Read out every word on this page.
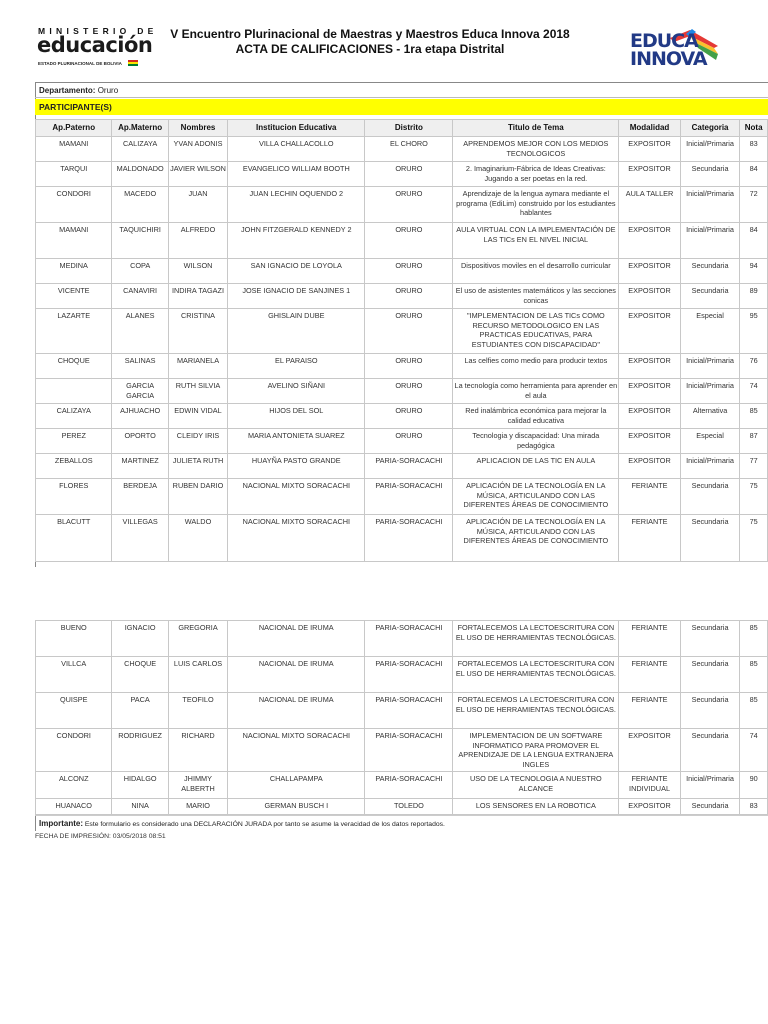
MINISTERIO DE
educación
ESTADO PLURINACIONAL DE BOLIVIA
V Encuentro Plurinacional de Maestras y Maestros Educa Innova 2018
ACTA DE CALIFICACIONES - 1ra etapa Distrital	EDUCA
INNOVA
Departamento: Oruro
PARTICIPANTE(S)
Ap.Paterno	Ap.Materno	Nombres	Institucion Educativa	Distrito	Titulo de Tema	Modalidad	Categoria	Nota
MAMANI	CALIZAYA	YVAN ADONIS	VILLA CHALLACOLLO	EL CHORO	APRENDEMOS MEJOR CON LOS MEDIOS TECNOLOGICOS	EXPOSITOR	Inicial/Primaria	83
TARQUI	MALDONADO	JAVIER WILSON	EVANGELICO WILLIAM BOOTH	ORURO	2. Imaginarium-Fábrica de Ideas Creativas: Jugando a ser poetas en la red.	EXPOSITOR	Secundaria	84
CONDORI	MACEDO	JUAN	JUAN LECHIN OQUENDO 2	ORURO	Aprendizaje de la lengua aymara mediante el programa (EdiLim) construido por los estudiantes hablantes	AULA TALLER	Inicial/Primaria	72
MAMANI	TAQUICHIRI	ALFREDO	JOHN FITZGERALD KENNEDY 2	ORURO	AULA VIRTUAL CON LA IMPLEMENTACIÓN DE LAS TICs EN EL NIVEL INICIAL	EXPOSITOR	Inicial/Primaria	84
MEDINA	COPA	WILSON	SAN IGNACIO DE LOYOLA	ORURO	Dispositivos moviles en el desarrollo curricular	EXPOSITOR	Secundaria	94
VICENTE	CANAVIRI	INDIRA TAGAZI	JOSE IGNACIO DE SANJINES 1	ORURO	El uso de asistentes matemáticos y las secciones conicas	EXPOSITOR	Secundaria	89
LAZARTE	ALANES	CRISTINA	GHISLAIN DUBE	ORURO	"IMPLEMENTACION DE LAS TICs COMO RECURSO METODOLOGICO EN LAS PRACTICAS EDUCATIVAS, PARA ESTUDIANTES CON DISCAPACIDAD"	EXPOSITOR	Especial	95
CHOQUE	SALINAS	MARIANELA	EL PARAISO	ORURO	Las celfies como medio para producir textos	EXPOSITOR	Inicial/Primaria	76
	GARCIA GARCIA	RUTH SILVIA	AVELINO SIÑANI	ORURO	La tecnología como herramienta para aprender en el aula	EXPOSITOR	Inicial/Primaria	74
CALIZAYA	AJHUACHO	EDWIN VIDAL	HIJOS DEL SOL	ORURO	Red inalámbrica económica para mejorar la calidad educativa	EXPOSITOR	Alternativa	85
PEREZ	OPORTO	CLEIDY IRIS	MARIA ANTONIETA SUAREZ	ORURO	Tecnologia y discapacidad: Una mirada pedagógica	EXPOSITOR	Especial	87
ZEBALLOS	MARTINEZ	JULIETA RUTH	HUAYÑA PASTO GRANDE	PARIA-SORACACHI	APLICACION DE LAS TIC EN AULA	EXPOSITOR	Inicial/Primaria	77
FLORES	BERDEJA	RUBEN DARIO	NACIONAL MIXTO SORACACHI	PARIA-SORACACHI	APLICACIÓN DE LA TECNOLOGÍA EN LA MÚSICA, ARTICULANDO CON LAS DIFERENTES ÁREAS DE CONOCIMIENTO	FERIANTE	Secundaria	75
BLACUTT	VILLEGAS	WALDO	NACIONAL MIXTO SORACACHI	PARIA-SORACACHI	APLICACIÓN DE LA TECNOLOGÍA EN LA MÚSICA, ARTICULANDO CON LAS DIFERENTES ÁREAS DE CONOCIMIENTO	FERIANTE	Secundaria	75
BUENO	IGNACIO	GREGORIA	NACIONAL DE IRUMA	PARIA-SORACACHI	FORTALECEMOS LA LECTOESCRITURA CON EL USO DE HERRAMIENTAS TECNOLÓGICAS.	FERIANTE	Secundaria	85
VILLCA	CHOQUE	LUIS CARLOS	NACIONAL DE IRUMA	PARIA-SORACACHI	FORTALECEMOS LA LECTOESCRITURA CON EL USO DE HERRAMIENTAS TECNOLÓGICAS.	FERIANTE	Secundaria	85
QUISPE	PACA	TEOFILO	NACIONAL DE IRUMA	PARIA-SORACACHI	FORTALECEMOS LA LECTOESCRITURA CON EL USO DE HERRAMIENTAS TECNOLÓGICAS.	FERIANTE	Secundaria	85
CONDORI	RODRIGUEZ	RICHARD	NACIONAL MIXTO SORACACHI	PARIA-SORACACHI	IMPLEMENTACION DE UN SOFTWARE INFORMATICO PARA PROMOVER EL APRENDIZAJE DE LA LENGUA EXTRANJERA INGLES	EXPOSITOR	Secundaria	74
ALCONZ	HIDALGO	JHIMMY ALBERTH	CHALLAPAMPA	PARIA-SORACACHI	USO DE LA TECNOLOGIA A NUESTRO ALCANCE	FERIANTE INDIVIDUAL	Inicial/Primaria	90
HUANACO	NINA	MARIO	GERMAN BUSCH I	TOLEDO	LOS SENSORES EN LA ROBOTICA	EXPOSITOR	Secundaria	83
Importante: Este formulario es considerado una DECLARACIÓN JURADA por tanto se asume la veracidad de los datos reportados.
FECHA DE IMPRESIÓN: 03/05/2018 08:51
